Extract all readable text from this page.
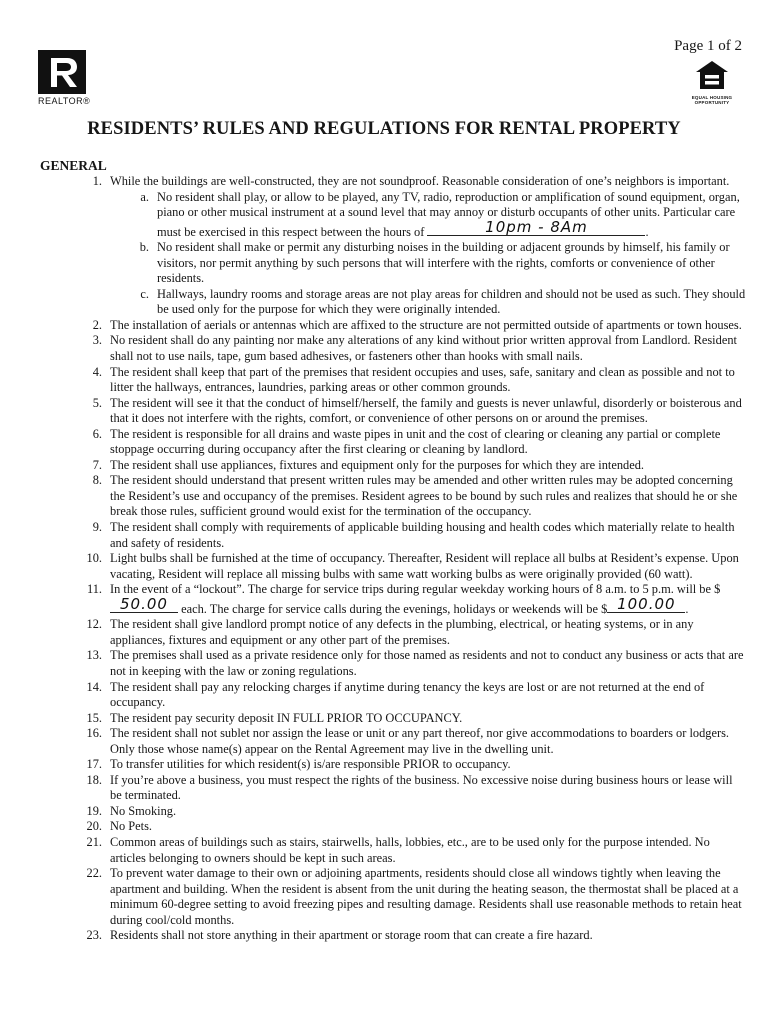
REALTOR®
Page 1 of 2
EQUAL HOUSING
OPPORTUNITY
RESIDENTS’ RULES AND REGULATIONS FOR RENTAL PROPERTY
GENERAL
1. While the buildings are well-constructed, they are not soundproof. Reasonable consideration of one’s neighbors is important.
a. No resident shall play, or allow to be played, any TV, radio, reproduction or amplification of sound equipment, organ, piano or other musical instrument at a sound level that may annoy or disturb occupants of other units. Particular care must be exercised in this respect between the hours of	10pm - 8Am	.
b. No resident shall make or permit any disturbing noises in the building or adjacent grounds by himself, his family or visitors, nor permit anything by such persons that will interfere with the rights, comforts or convenience of other residents.
c. Hallways, laundry rooms and storage areas are not play areas for children and should not be used as such. They should be used only for the purpose for which they were originally intended.
2. The installation of aerials or antennas which are affixed to the structure are not permitted outside of apartments or town houses.
3. No resident shall do any painting nor make any alterations of any kind without prior written approval from Landlord. Resident shall not to use nails, tape, gum based adhesives, or fasteners other than hooks with small nails.
4. The resident shall keep that part of the premises that resident occupies and uses, safe, sanitary and clean as possible and not to litter the hallways, entrances, laundries, parking areas or other common grounds.
5. The resident will see it that the conduct of himself/herself, the family and guests is never unlawful, disorderly or boisterous and that it does not interfere with the rights, comfort, or convenience of other persons on or around the premises.
6. The resident is responsible for all drains and waste pipes in unit and the cost of clearing or cleaning any partial or complete stoppage occurring during occupancy after the first clearing or cleaning by landlord.
7. The resident shall use appliances, fixtures and equipment only for the purposes for which they are intended.
8. The resident should understand that present written rules may be amended and other written rules may be adopted concerning the Resident’s use and occupancy of the premises. Resident agrees to be bound by such rules and realizes that should he or she break those rules, sufficient ground would exist for the termination of the occupancy.
9. The resident shall comply with requirements of applicable building housing and health codes which materially relate to health and safety of residents.
10. Light bulbs shall be furnished at the time of occupancy. Thereafter, Resident will replace all bulbs at Resident’s expense. Upon vacating, Resident will replace all missing bulbs with same watt working bulbs as were originally provided (60 watt).
11. In the event of a “lockout”. The charge for service trips during regular weekday working hours of 8 a.m. to 5 p.m. will be $
50.00	each. The charge for service calls during the evenings, holidays or weekends will be $ 100.00 .
12. The resident shall give landlord prompt notice of any defects in the plumbing, electrical, or heating systems, or in any appliances, fixtures and equipment or any other part of the premises.
13. The premises shall used as a private residence only for those named as residents and not to conduct any business or acts that are not in keeping with the law or zoning regulations.
14. The resident shall pay any relocking charges if anytime during tenancy the keys are lost or are not returned at the end of occupancy.
15. The resident pay security deposit IN FULL PRIOR TO OCCUPANCY.
16. The resident shall not sublet nor assign the lease or unit or any part thereof, nor give accommodations to boarders or lodgers. Only those whose name(s) appear on the Rental Agreement may live in the dwelling unit.
17. To transfer utilities for which resident(s) is/are responsible PRIOR to occupancy.
18. If you’re above a business, you must respect the rights of the business. No excessive noise during business hours or lease will be terminated.
19. No Smoking.
20. No Pets.
21. Common areas of buildings such as stairs, stairwells, halls, lobbies, etc., are to be used only for the purpose intended. No articles belonging to owners should be kept in such areas.
22. To prevent water damage to their own or adjoining apartments, residents should close all windows tightly when leaving the apartment and building. When the resident is absent from the unit during the heating season, the thermostat shall be placed at a minimum 60-degree setting to avoid freezing pipes and resulting damage. Residents shall use reasonable methods to retain heat during cool/cold months.
23. Residents shall not store anything in their apartment or storage room that can create a fire hazard.
